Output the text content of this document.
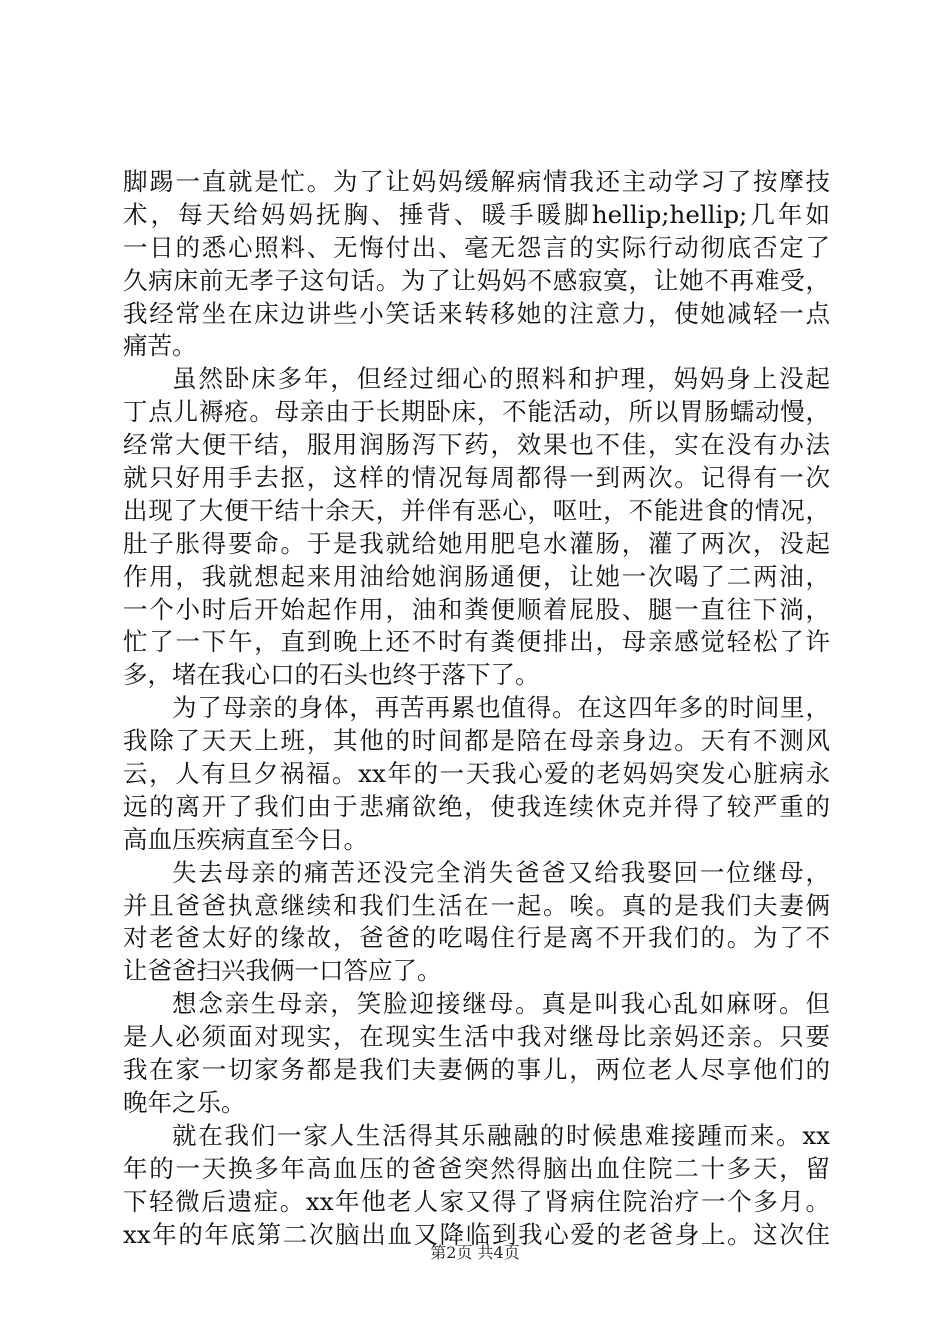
脚踢一直就是忙。为了让妈妈缓解病情我还主动学习了按摩技
术，每天给妈妈抚胸、捶背、暖手暖脚hellip;hellip;几年如
一日的悉心照料、无悔付出、毫无怨言的实际行动彻底否定了
久病床前无孝子这句话。为了让妈妈不感寂寞，让她不再难受，
我经常坐在床边讲些小笑话来转移她的注意力，使她减轻一点
痛苦。
虽然卧床多年，但经过细心的照料和护理，妈妈身上没起
丁点儿褥疮。母亲由于长期卧床，不能活动，所以胃肠蠕动慢，
经常大便干结，服用润肠泻下药，效果也不佳，实在没有办法
就只好用手去抠，这样的情况每周都得一到两次。记得有一次
出现了大便干结十余天，并伴有恶心，呕吐，不能进食的情况，
肚子胀得要命。于是我就给她用肥皂水灌肠，灌了两次，没起
作用，我就想起来用油给她润肠通便，让她一次喝了二两油，
一个小时后开始起作用，油和粪便顺着屁股、腿一直往下淌，
忙了一下午，直到晚上还不时有粪便排出，母亲感觉轻松了许
多，堵在我心口的石头也终于落下了。
为了母亲的身体，再苦再累也值得。在这四年多的时间里，
我除了天天上班，其他的时间都是陪在母亲身边。天有不测风
云，人有旦夕祸福。xx年的一天我心爱的老妈妈突发心脏病永
远的离开了我们由于悲痛欲绝，使我连续休克并得了较严重的
高血压疾病直至今日。
失去母亲的痛苦还没完全消失爸爸又给我娶回一位继母，
并且爸爸执意继续和我们生活在一起。唉。真的是我们夫妻俩
对老爸太好的缘故，爸爸的吃喝住行是离不开我们的。为了不
让爸爸扫兴我俩一口答应了。
想念亲生母亲，笑脸迎接继母。真是叫我心乱如麻呀。但
是人必须面对现实，在现实生活中我对继母比亲妈还亲。只要
我在家一切家务都是我们夫妻俩的事儿，两位老人尽享他们的
晚年之乐。
就在我们一家人生活得其乐融融的时候患难接踵而来。xx
年的一天换多年高血压的爸爸突然得脑出血住院二十多天，留
下轻微后遗症。xx年他老人家又得了肾病住院治疗一个多月。
xx年的年底第二次脑出血又降临到我心爱的老爸身上。这次住
第2页 共4页
